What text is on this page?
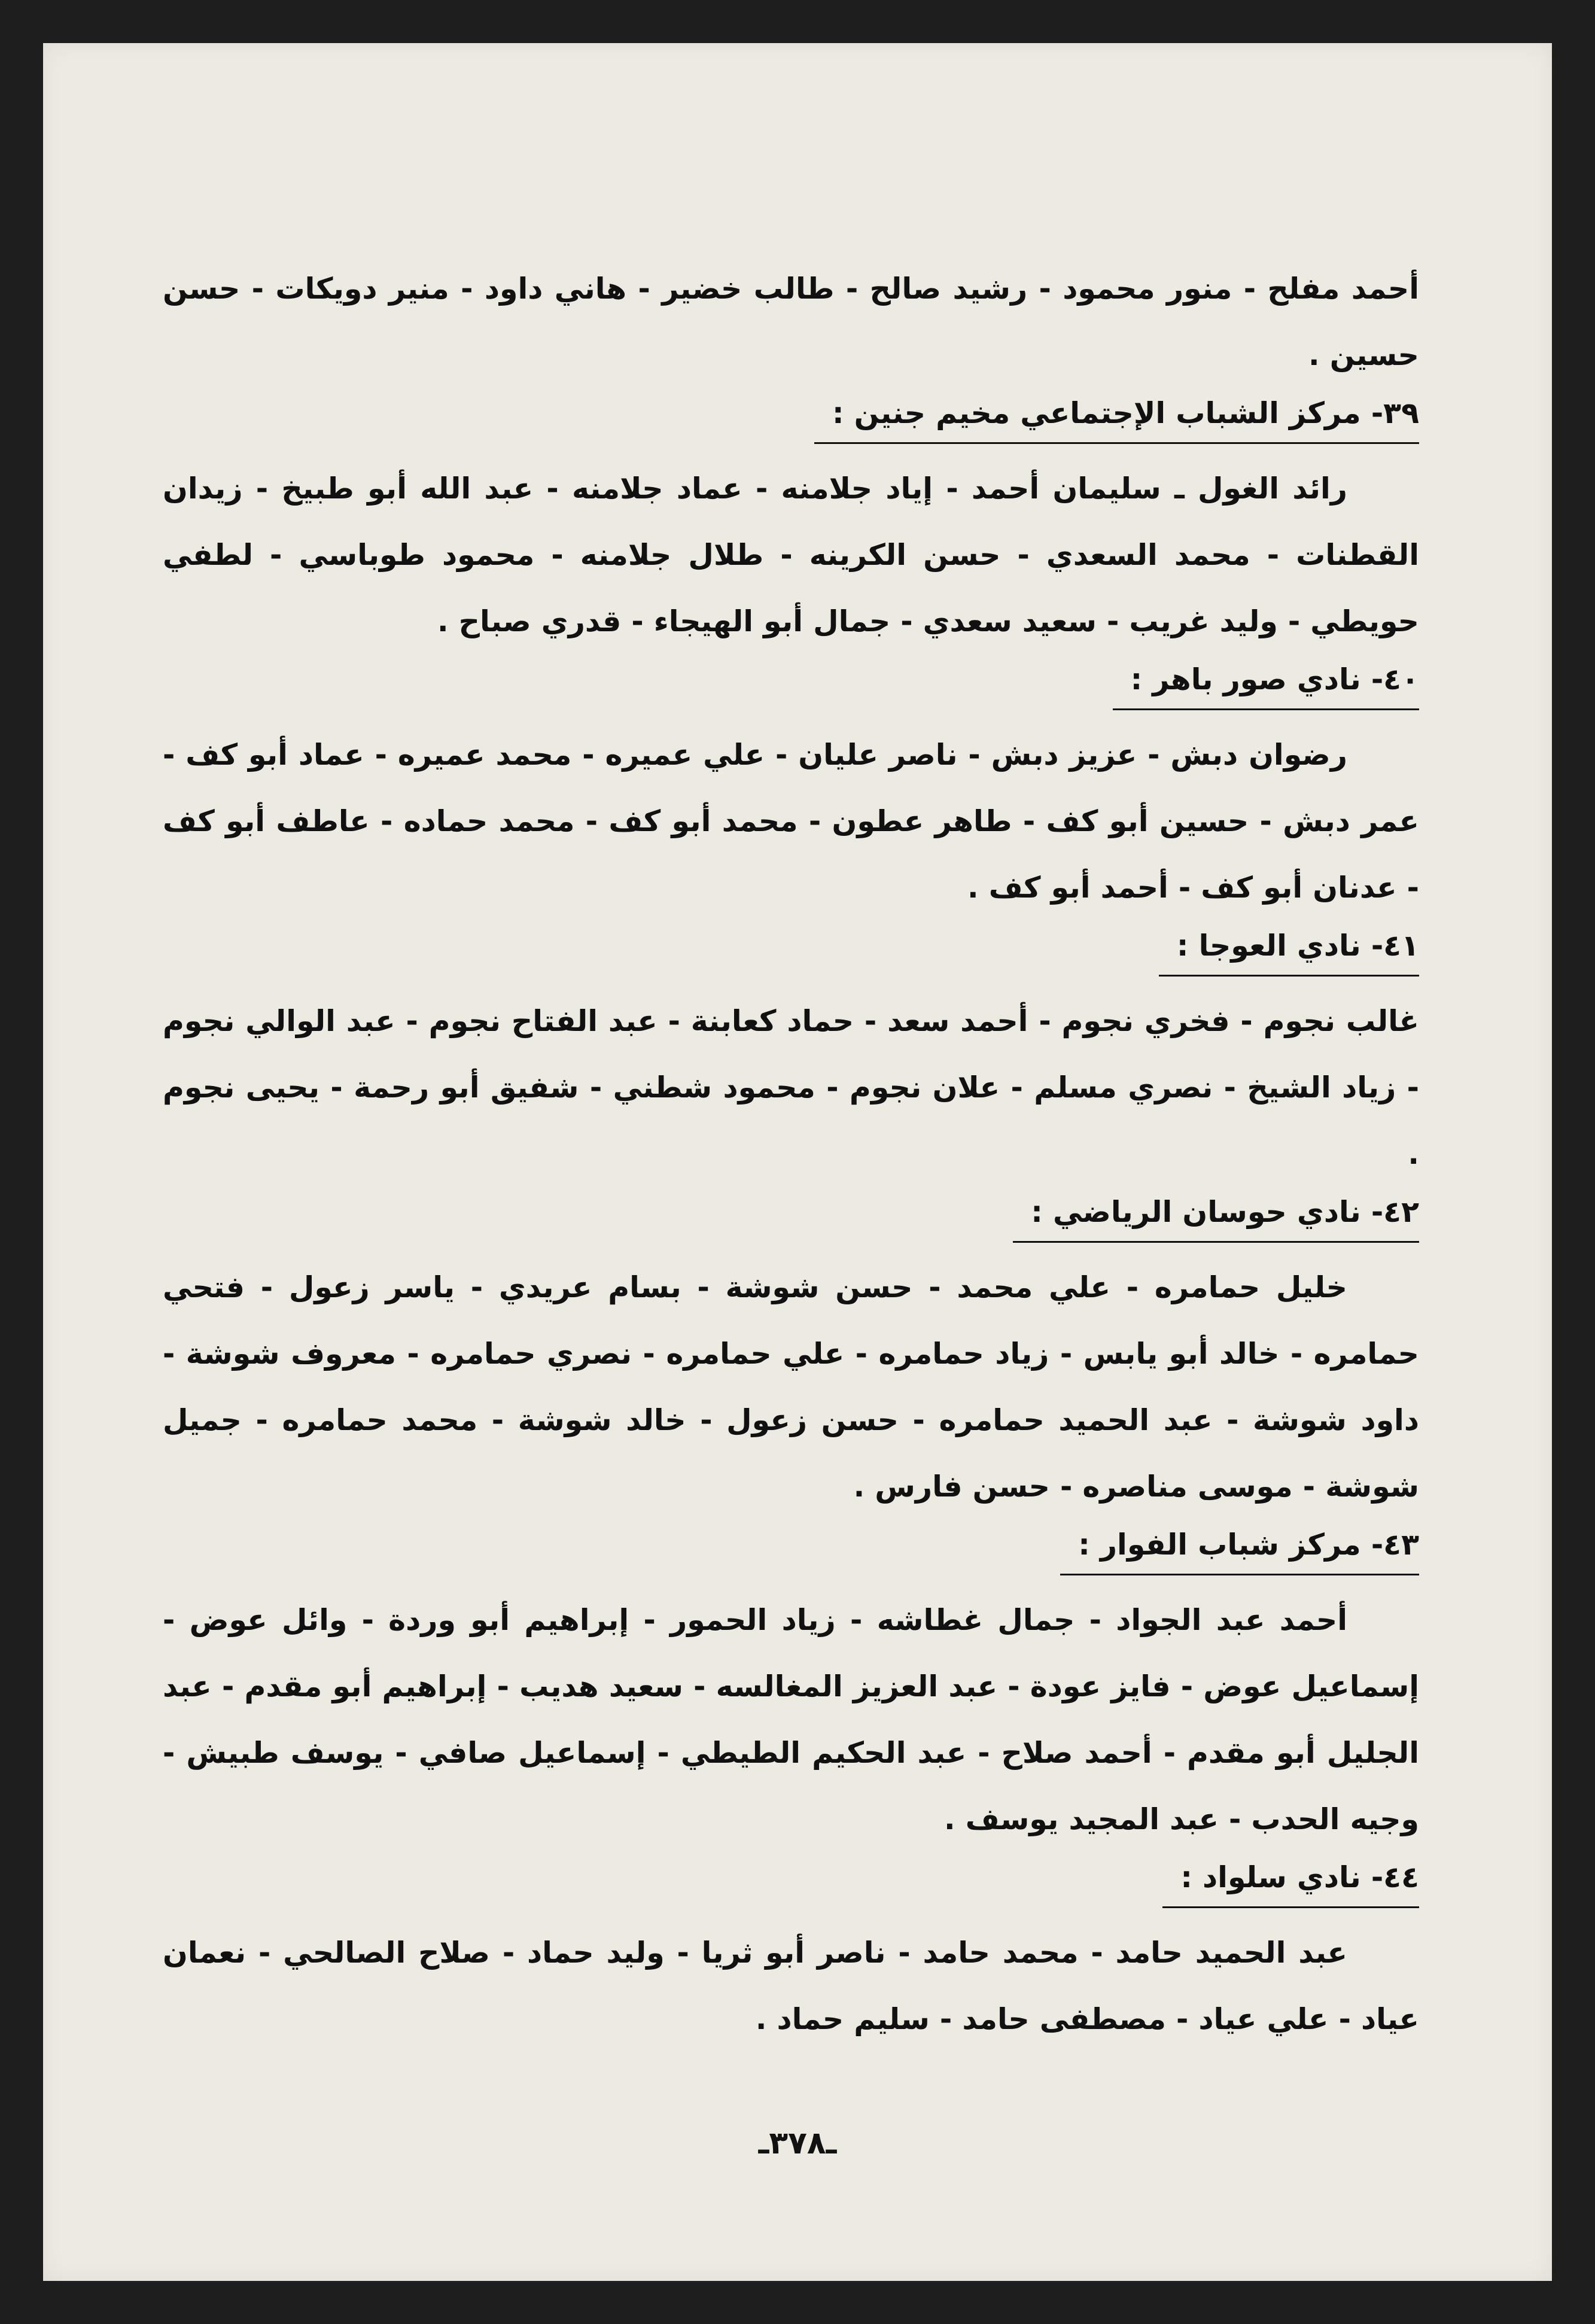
أحمد مفلح - منور محمود - رشيد صالح - طالب خضير - هاني داود - منير دويكات - حسن حسين .

٣٩- مركز الشباب الإجتماعي مخيم جنين :

رائد الغول ـ سليمان أحمد - إياد جلامنه - عماد جلامنه - عبد الله أبو طبيخ - زيدان القطنات - محمد السعدي - حسن الكرينه - طلال جلامنه - محمود طوباسي - لطفي حويطي - وليد غريب - سعيد سعدي - جمال أبو الهيجاء - قدري صباح .

٤٠- نادي صور باهر :

رضوان دبش - عزيز دبش - ناصر عليان - علي عميره - محمد عميره - عماد أبو كف - عمر دبش - حسين أبو كف - طاهر عطون - محمد أبو كف - محمد حماده - عاطف أبو كف - عدنان أبو كف - أحمد أبو كف .

٤١- نادي العوجا :

غالب نجوم - فخري نجوم - أحمد سعد - حماد كعابنة - عبد الفتاح نجوم - عبد الوالي نجوم - زياد الشيخ - نصري مسلم - علان نجوم - محمود شطني - شفيق أبو رحمة - يحيى نجوم .

٤٢- نادي حوسان الرياضي :

خليل حمامره - علي محمد - حسن شوشة - بسام عريدي - ياسر زعول - فتحي حمامره - خالد أبو يابس - زياد حمامره - علي حمامره - نصري حمامره - معروف شوشة - داود شوشة - عبد الحميد حمامره - حسن زعول - خالد شوشة - محمد حمامره - جميل شوشة - موسى مناصره - حسن فارس .

٤٣- مركز شباب الفوار :

أحمد عبد الجواد - جمال غطاشه - زياد الحمور - إبراهيم أبو وردة - وائل عوض - إسماعيل عوض - فايز عودة - عبد العزيز المغالسه - سعيد هديب - إبراهيم أبو مقدم - عبد الجليل أبو مقدم - أحمد صلاح - عبد الحكيم الطيطي - إسماعيل صافي - يوسف طبيش - وجيه الحدب - عبد المجيد يوسف .

٤٤- نادي سلواد :

عبد الحميد حامد - محمد حامد - ناصر أبو ثريا - وليد حماد - صلاح الصالحي - نعمان عياد - علي عياد - مصطفى حامد - سليم حماد .

ـ٣٧٨ـ
